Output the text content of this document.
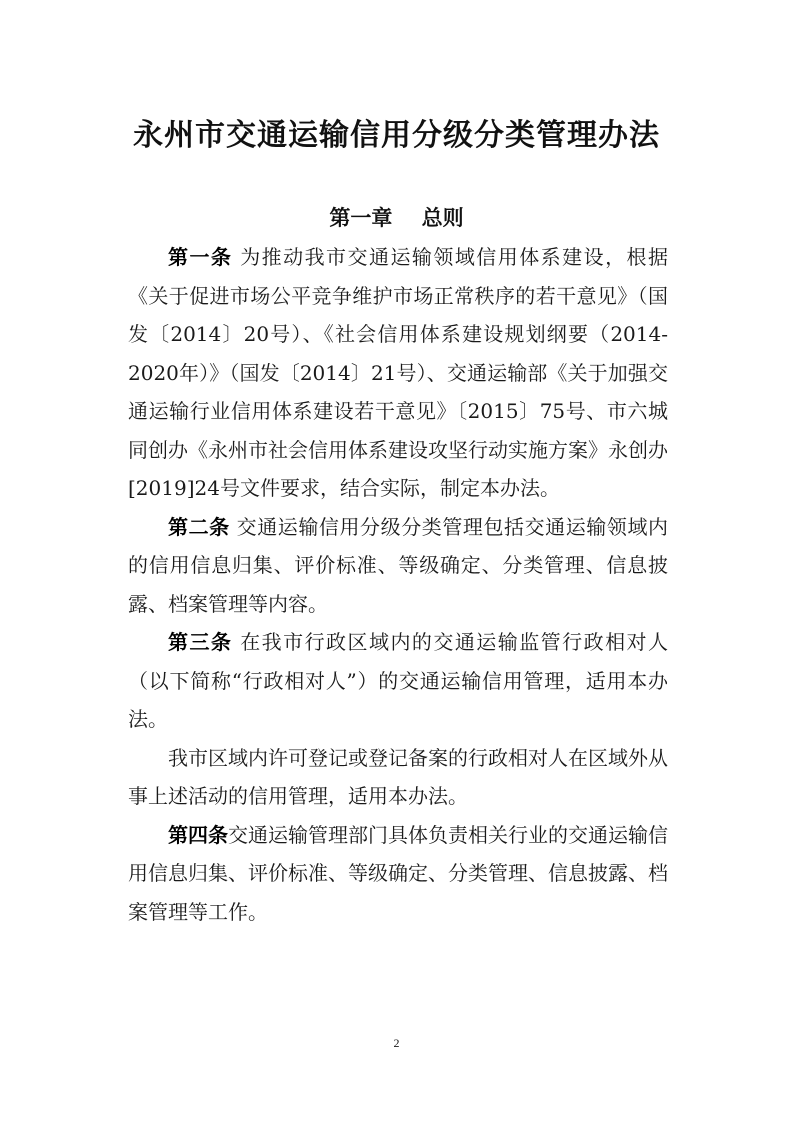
永州市交通运输信用分级分类管理办法
第一章    总则

第一条 为推动我市交通运输领域信用体系建设，根据《关于促进市场公平竞争维护市场正常秩序的若干意见》（国发〔2014〕20号）、《社会信用体系建设规划纲要（2014-2020年）》（国发〔2014〕21号）、交通运输部《关于加强交通运输行业信用体系建设若干意见》〔2015〕75号、市六城同创办《永州市社会信用体系建设攻坚行动实施方案》永创办[2019]24号文件要求，结合实际，制定本办法。

第二条 交通运输信用分级分类管理包括交通运输领域内的信用信息归集、评价标准、等级确定、分类管理、信息披露、档案管理等内容。

第三条 在我市行政区域内的交通运输监管行政相对人（以下简称“行政相对人”）的交通运输信用管理，适用本办法。

我市区域内许可登记或登记备案的行政相对人在区域外从事上述活动的信用管理，适用本办法。

第四条交通运输管理部门具体负责相关行业的交通运输信用信息归集、评价标准、等级确定、分类管理、信息披露、档案管理等工作。

2
